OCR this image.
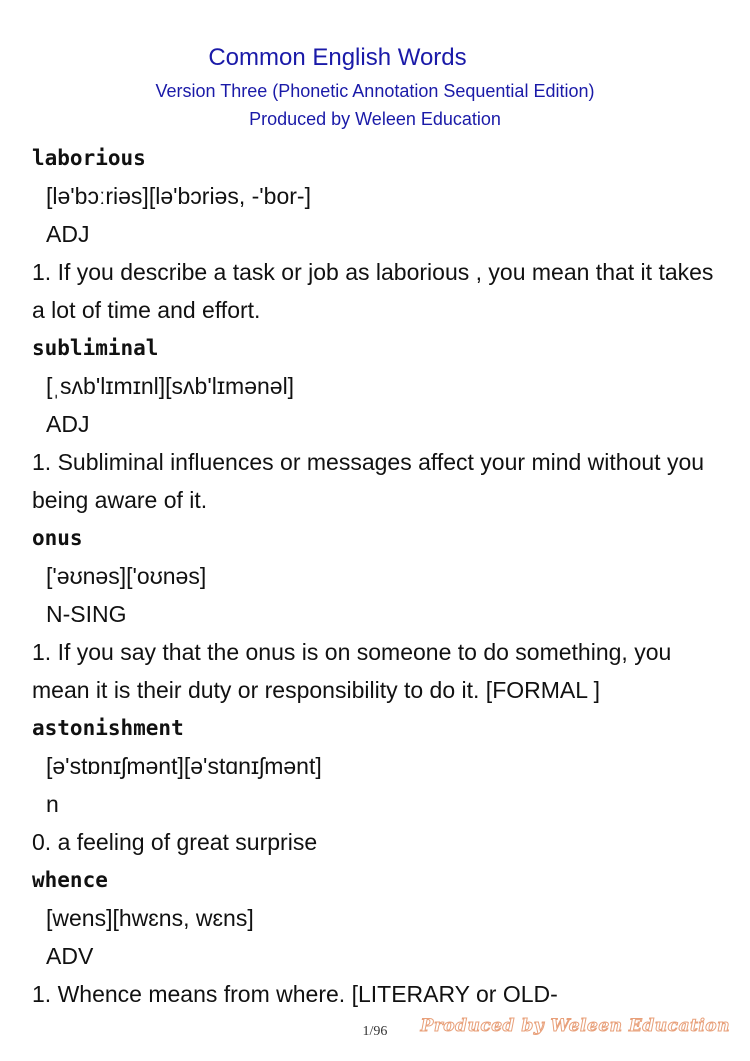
Common English Words
Version Three (Phonetic Annotation Sequential Edition)
Produced by Weleen Education
laborious
[lə'bɔːriəs][lə'bɔriəs, -'bor-]
ADJ
1. If you describe a task or job as laborious , you mean that it takes a lot of time and effort.
subliminal
[ˌsʌb'lɪmɪnl][sʌb'lɪmənəl]
ADJ
1. Subliminal influences or messages affect your mind without you being aware of it.
onus
['əʊnəs]['oʊnəs]
N-SING
1. If you say that the onus is on someone to do something, you mean it is their duty or responsibility to do it. [FORMAL ]
astonishment
[ə'stɒnɪʃmənt][ə'stɑnɪʃmənt]
n
0. a feeling of great surprise
whence
[wens][hwɛns, wɛns]
ADV
1. Whence means from where. [LITERARY or OLD-
1/96	Produced by Weleen Education
